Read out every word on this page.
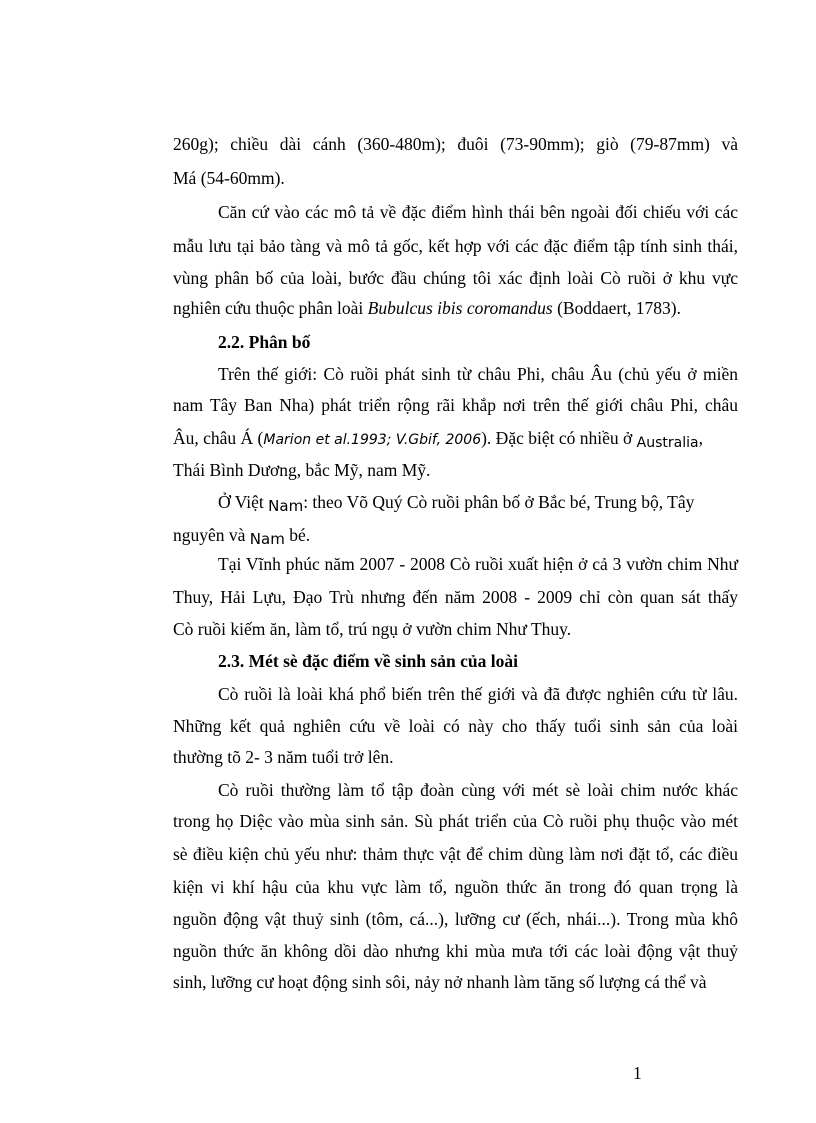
260g); chiều dài cánh (360-480m); đuôi (73-90mm); giò (79-87mm) và
Má (54-60mm).
Căn cứ vào các mô tả về đặc điểm hình thái bên ngoài đối chiếu với các
mẫu lưu tại bảo tàng và mô tả gốc, kết hợp với các đặc điểm tập tính sinh thái,
vùng phân bố của loài, bước đầu chúng tôi xác định loài Cò ruồi ở khu vực
nghiên cứu thuộc phân loài Bubulcus ibis coromandus (Boddaert, 1783).
2.2. Phân bố
Trên thế giới: Cò ruồi phát sinh từ châu Phi, châu Âu (chủ yếu ở miền
nam Tây Ban Nha) phát triển rộng rãi khắp nơi trên thế giới châu Phi, châu
Âu, châu Á (Marion et al.1993; V.Gbif, 2006). Đặc biệt có nhiều ở Australia,
Thái Bình Dương, bắc Mỹ, nam Mỹ.
Ở Việt Nam: theo Võ Quý Cò ruồi phân bố ở Bắc bé, Trung bộ, Tây
nguyên và Nam bé.
Tại Vĩnh phúc năm 2007 - 2008 Cò ruồi xuất hiện ở cả 3 vườn chim Như
Thuy, Hải Lựu, Đạo Trù nhưng đến năm 2008 - 2009 chỉ còn quan sát thấy
Cò ruồi kiếm ăn, làm tổ, trú ngụ ở vườn chim Như Thuy.
2.3. Mét sè đặc điểm về sinh sản của loài
Cò ruồi là loài khá phổ biến trên thế giới và đã được nghiên cứu từ lâu.
Những kết quả nghiên cứu về loài có này cho thấy tuổi sinh sản của loài
thường tõ 2- 3 năm tuổi trở lên.
Cò ruồi thường làm tổ tập đoàn cùng với mét sè loài chim nước khác
trong họ Diệc vào mùa sinh sản. Sù phát triển của Cò ruồi phụ thuộc vào mét
sè điều kiện chủ yếu như: thảm thực vật để chim dùng làm nơi đặt tổ, các điều
kiện vi khí hậu của khu vực làm tổ, nguồn thức ăn trong đó quan trọng là
nguồn động vật thuỷ sinh (tôm, cá...), lưỡng cư (ếch, nhái...). Trong mùa khô
nguồn thức ăn không dồi dào nhưng khi mùa mưa tới các loài động vật thuỷ
sinh, lưỡng cư hoạt động sinh sôi, nảy nở nhanh làm tăng số lượng cá thể và
1
